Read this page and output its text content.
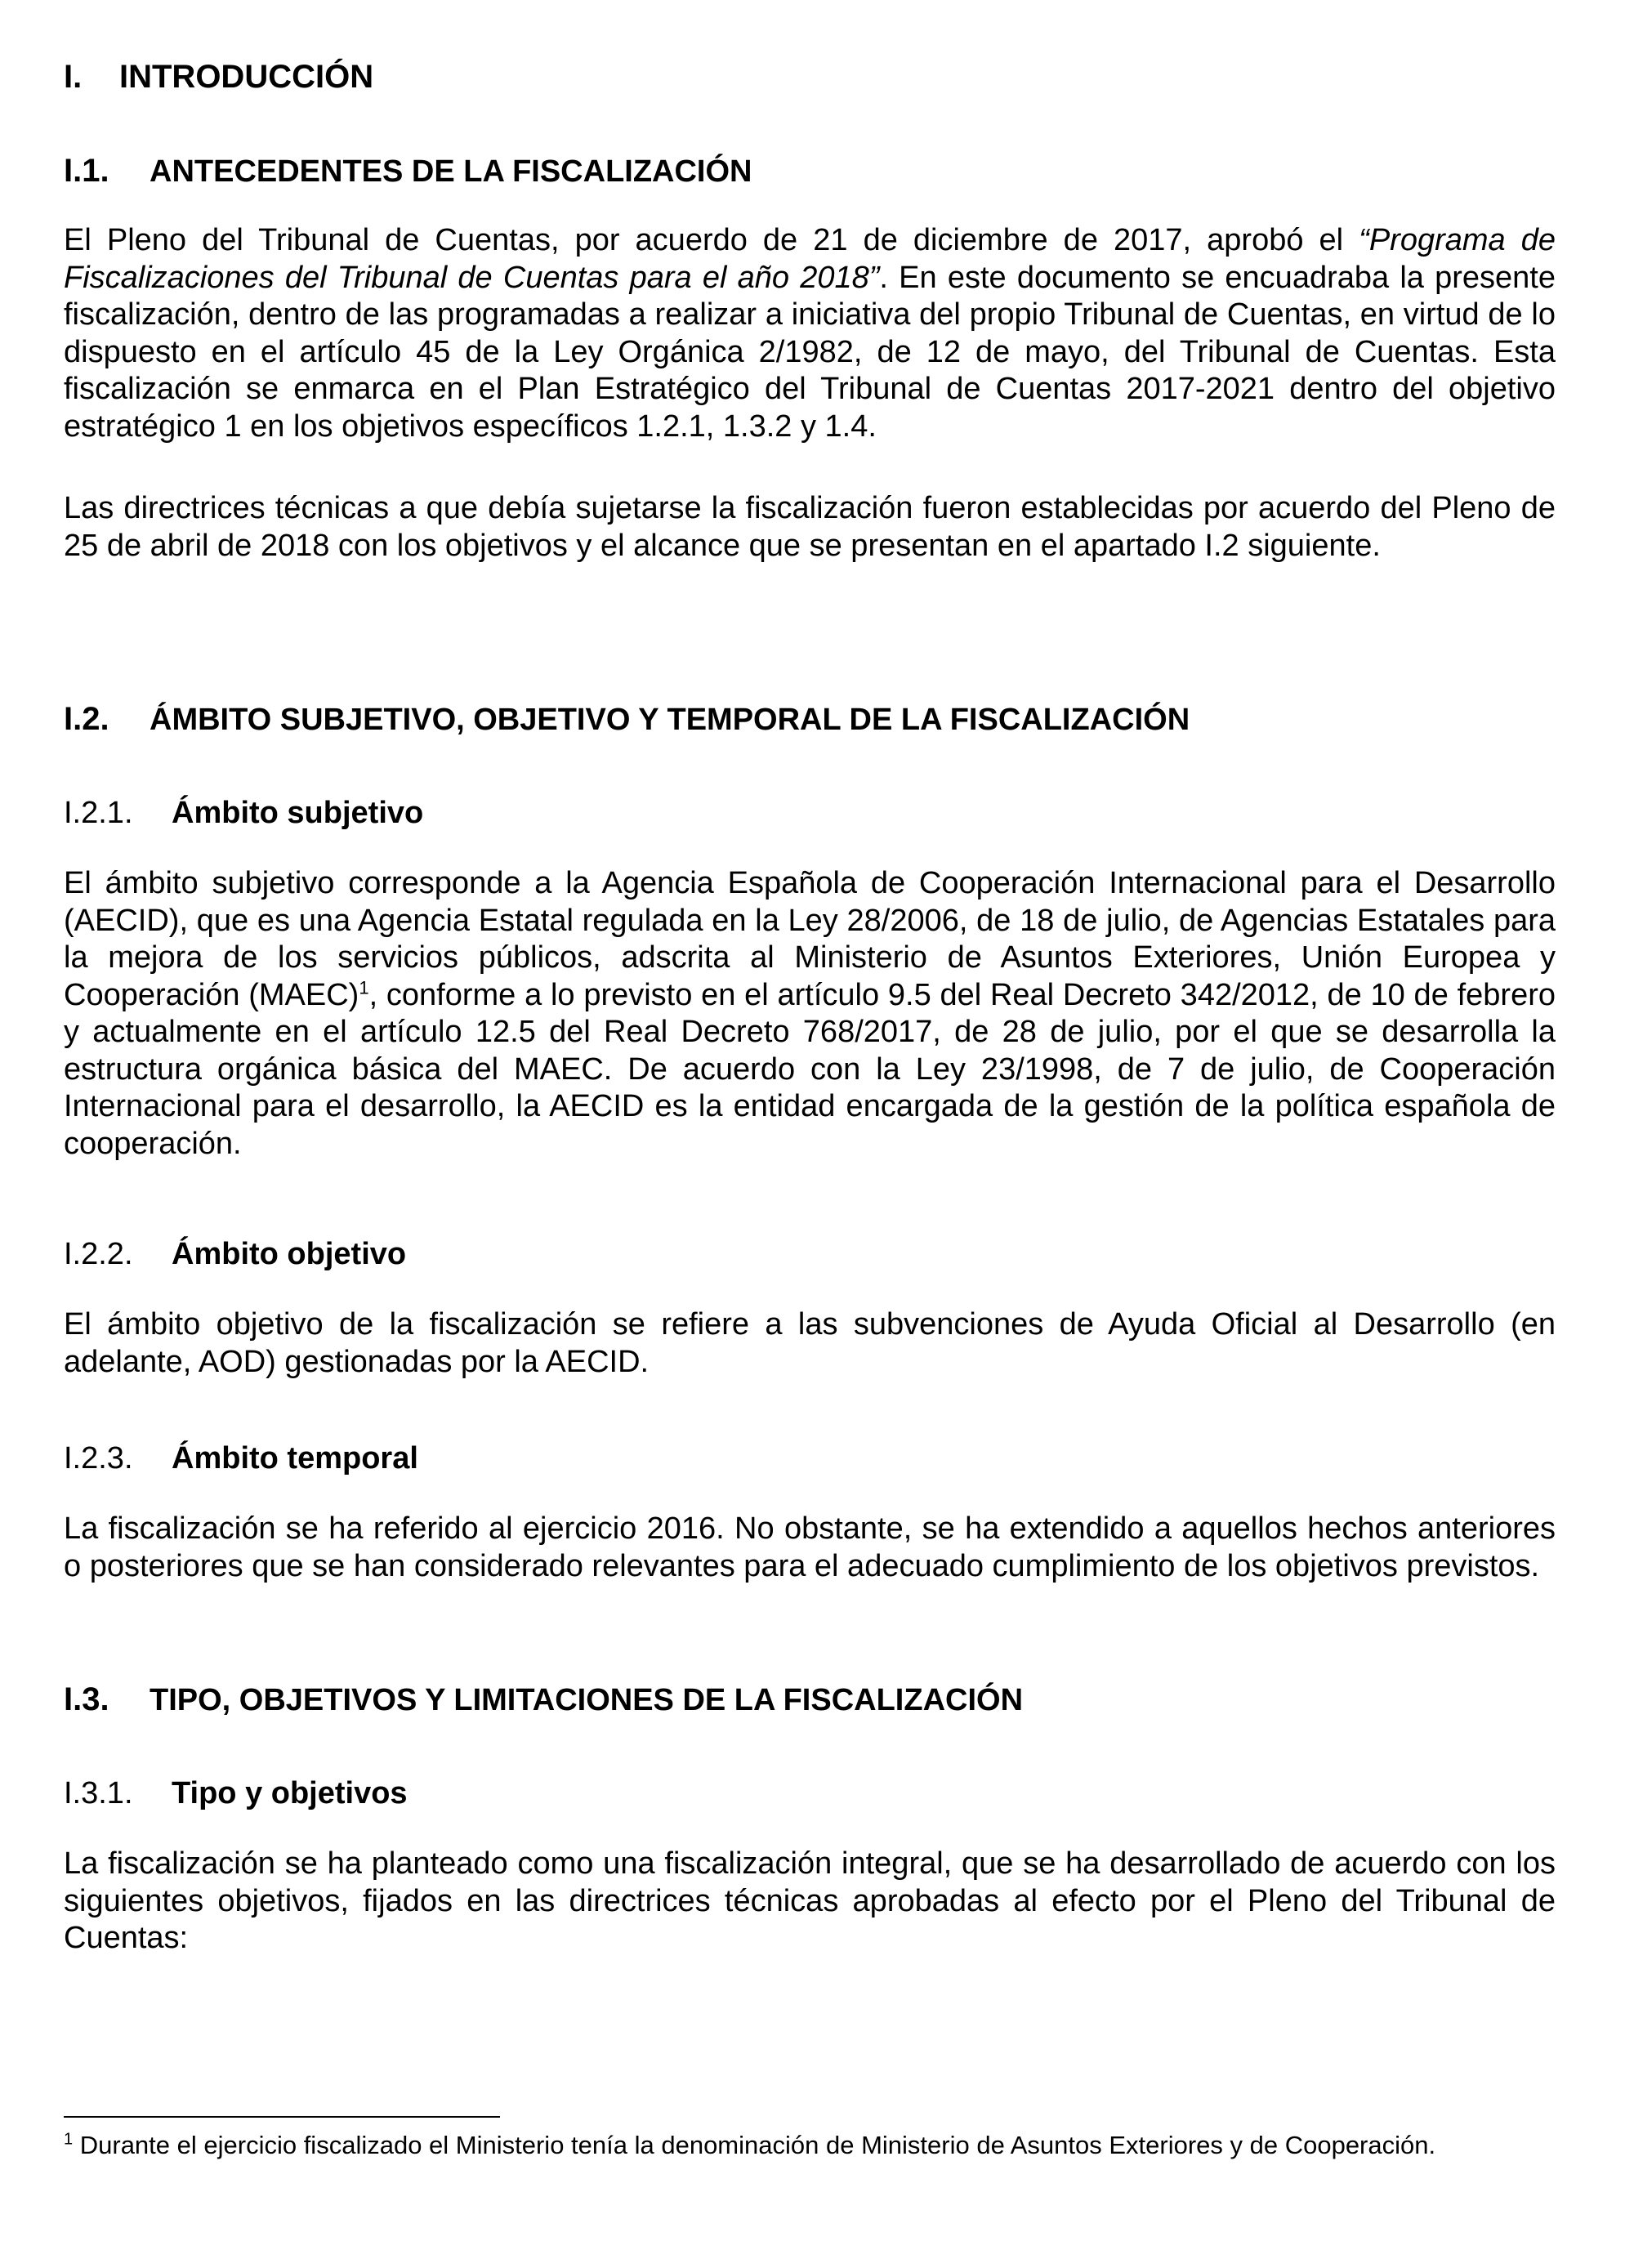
I.	INTRODUCCIÓN
I.1.	ANTECEDENTES DE LA FISCALIZACIÓN

El Pleno del Tribunal de Cuentas, por acuerdo de 21 de diciembre de 2017, aprobó el “Programa de Fiscalizaciones del Tribunal de Cuentas para el año 2018”. En este documento se encuadraba la presente fiscalización, dentro de las programadas a realizar a iniciativa del propio Tribunal de Cuentas, en virtud de lo dispuesto en el artículo 45 de la Ley Orgánica 2/1982, de 12 de mayo, del Tribunal de Cuentas. Esta fiscalización se enmarca en el Plan Estratégico del Tribunal de Cuentas 2017-2021 dentro del objetivo estratégico 1 en los objetivos específicos 1.2.1, 1.3.2 y 1.4.

Las directrices técnicas a que debía sujetarse la fiscalización fueron establecidas por acuerdo del Pleno de 25 de abril de 2018 con los objetivos y el alcance que se presentan en el apartado I.2 siguiente.

I.2.	ÁMBITO SUBJETIVO, OBJETIVO Y TEMPORAL DE LA FISCALIZACIÓN
I.2.1.	Ámbito subjetivo

El ámbito subjetivo corresponde a la Agencia Española de Cooperación Internacional para el Desarrollo (AECID), que es una Agencia Estatal regulada en la Ley 28/2006, de 18 de julio, de Agencias Estatales para la mejora de los servicios públicos, adscrita al Ministerio de Asuntos Exteriores, Unión Europea y Cooperación (MAEC)$^1$, conforme a lo previsto en el artículo 9.5 del Real Decreto 342/2012, de 10 de febrero y actualmente en el artículo 12.5 del Real Decreto 768/2017, de 28 de julio, por el que se desarrolla la estructura orgánica básica del MAEC. De acuerdo con la Ley 23/1998, de 7 de julio, de Cooperación Internacional para el desarrollo, la AECID es la entidad encargada de la gestión de la política española de cooperación.

I.2.2.	Ámbito objetivo

El ámbito objetivo de la fiscalización se refiere a las subvenciones de Ayuda Oficial al Desarrollo (en adelante, AOD) gestionadas por la AECID.

I.2.3.	Ámbito temporal

La fiscalización se ha referido al ejercicio 2016. No obstante, se ha extendido a aquellos hechos anteriores o posteriores que se han considerado relevantes para el adecuado cumplimiento de los objetivos previstos.

I.3.	TIPO, OBJETIVOS Y LIMITACIONES DE LA FISCALIZACIÓN
I.3.1.	Tipo y objetivos

La fiscalización se ha planteado como una fiscalización integral, que se ha desarrollado de acuerdo con los siguientes objetivos, fijados en las directrices técnicas aprobadas al efecto por el Pleno del Tribunal de Cuentas:

$^1$ Durante el ejercicio fiscalizado el Ministerio tenía la denominación de Ministerio de Asuntos Exteriores y de Cooperación.
